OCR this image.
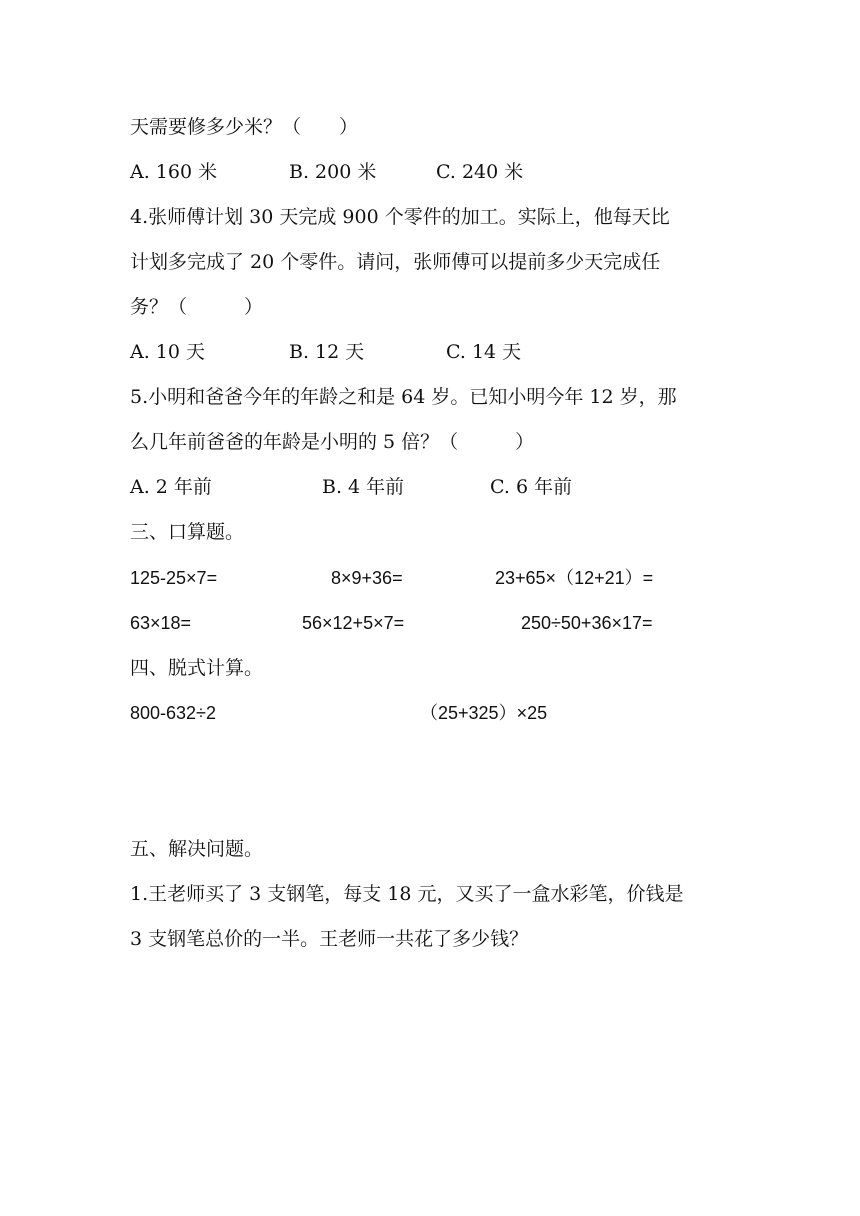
天需要修多少米？（　　）
A. 160 米	B. 200 米	C. 240 米
4.张师傅计划 30 天完成 900 个零件的加工。实际上，他每天比
计划多完成了 20 个零件。请问，张师傅可以提前多少天完成任
务？（　　　）
A. 10 天	B. 12 天	C. 14 天
5.小明和爸爸今年的年龄之和是 64 岁。已知小明今年 12 岁，那
么几年前爸爸的年龄是小明的 5 倍？（　　　）
A. 2 年前	B. 4 年前	C. 6 年前
三、口算题。
125-25×7=	8×9+36=	23+65×（12+21）=
63×18=	56×12+5×7=	250÷50+36×17=
四、脱式计算。
800-632÷2	（25+325）×25
五、解决问题。
1.王老师买了 3 支钢笔，每支 18 元，又买了一盒水彩笔，价钱是
3 支钢笔总价的一半。王老师一共花了多少钱？
